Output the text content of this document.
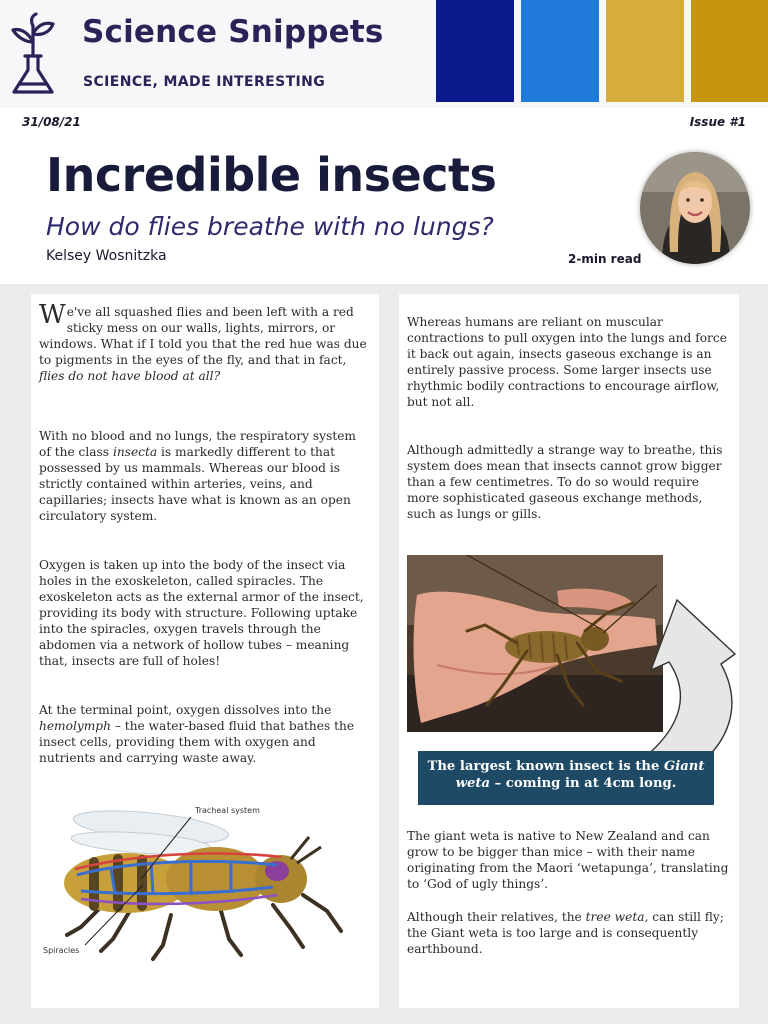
Science Snippets
SCIENCE, MADE INTERESTING
31/08/21	Issue #1
Incredible insects
How do flies breathe with no lungs?
Kelsey Wosnitzka	2-min read

We've all squashed flies and been left with a red sticky mess on our walls, lights, mirrors, or windows. What if I told you that the red hue was due to pigments in the eyes of the fly, and that in fact, flies do not have blood at all?

With no blood and no lungs, the respiratory system of the class insecta is markedly different to that possessed by us mammals. Whereas our blood is strictly contained within arteries, veins, and capillaries; insects have what is known as an open circulatory system.

Oxygen is taken up into the body of the insect via holes in the exoskeleton, called spiracles. The exoskeleton acts as the external armor of the insect, providing its body with structure. Following uptake into the spiracles, oxygen travels through the abdomen via a network of hollow tubes – meaning that, insects are full of holes!

At the terminal point, oxygen dissolves into the hemolymph – the water-based fluid that bathes the insect cells, providing them with oxygen and nutrients and carrying waste away.

Tracheal system
Spiracles

Whereas humans are reliant on muscular contractions to pull oxygen into the lungs and force it back out again, insects gaseous exchange is an entirely passive process. Some larger insects use rhythmic bodily contractions to encourage airflow, but not all.

Although admittedly a strange way to breathe, this system does mean that insects cannot grow bigger than a few centimetres. To do so would require more sophisticated gaseous exchange methods, such as lungs or gills.

The largest known insect is the Giant weta – coming in at 4cm long.

The giant weta is native to New Zealand and can grow to be bigger than mice – with their name originating from the Maori ‘wetapunga’, translating to ‘God of ugly things’.

Although their relatives, the tree weta, can still fly; the Giant weta is too large and is consequently earthbound.
